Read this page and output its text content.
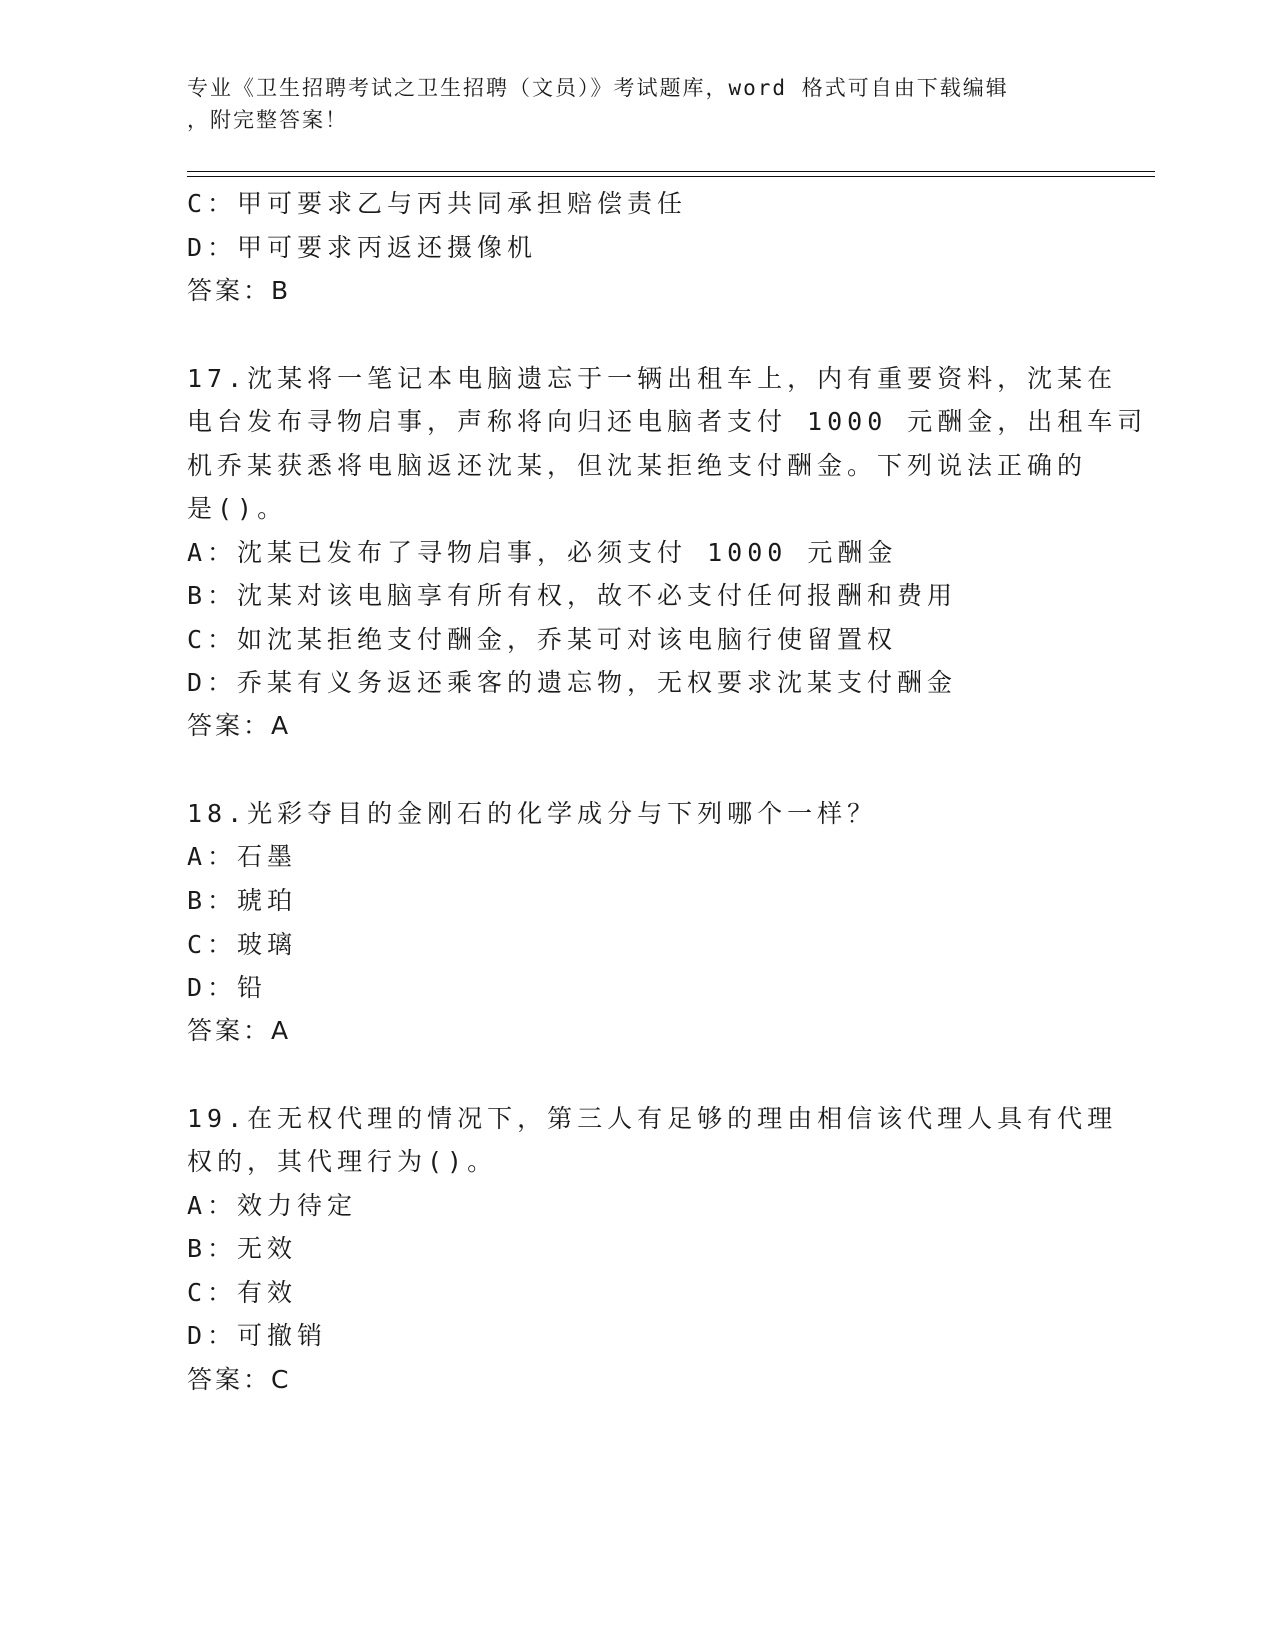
专业《卫生招聘考试之卫生招聘（文员）》考试题库，word 格式可自由下载编辑
，附完整答案！
C：甲可要求乙与丙共同承担赔偿责任
D：甲可要求丙返还摄像机
答案：B
17.沈某将一笔记本电脑遗忘于一辆出租车上，内有重要资料，沈某在
电台发布寻物启事，声称将向归还电脑者支付 1000 元酬金，出租车司
机乔某获悉将电脑返还沈某，但沈某拒绝支付酬金。下列说法正确的
是()。
A：沈某已发布了寻物启事，必须支付 1000 元酬金
B：沈某对该电脑享有所有权，故不必支付任何报酬和费用
C：如沈某拒绝支付酬金，乔某可对该电脑行使留置权
D：乔某有义务返还乘客的遗忘物，无权要求沈某支付酬金
答案：A
18.光彩夺目的金刚石的化学成分与下列哪个一样？
A：石墨
B：琥珀
C：玻璃
D：铅
答案：A
19.在无权代理的情况下，第三人有足够的理由相信该代理人具有代理
权的，其代理行为()。
A：效力待定
B：无效
C：有效
D：可撤销
答案：C
